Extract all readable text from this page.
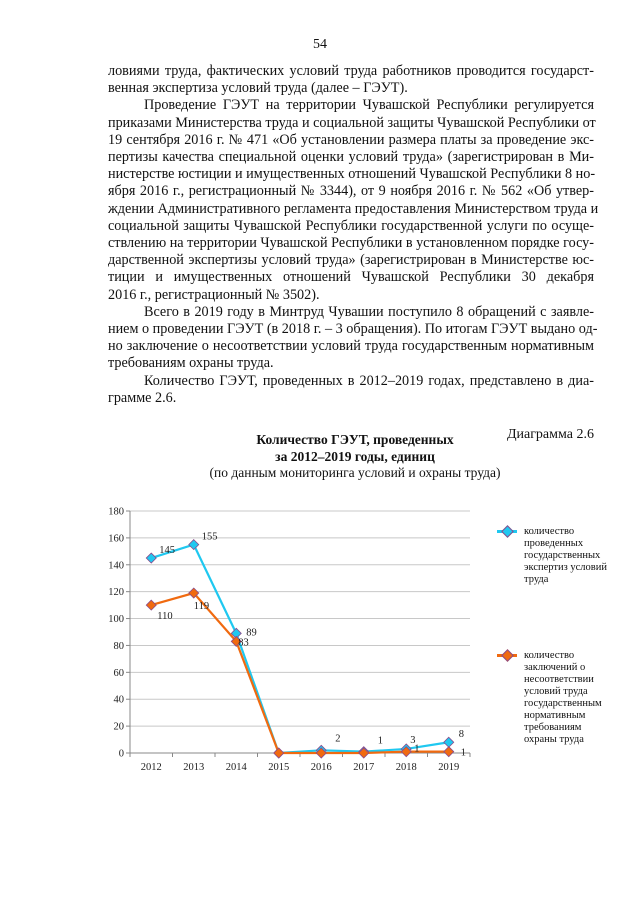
54
ловиями труда, фактических условий труда работников проводится государст-
венная экспертиза условий труда (далее – ГЭУТ).
Проведение ГЭУТ на территории Чувашской Республики регулируется
приказами Министерства труда и социальной защиты Чувашской Республики от
19 сентября 2016 г. № 471 «Об установлении размера платы за проведение экс-
пертизы качества специальной оценки условий труда» (зарегистрирован в Ми-
нистерстве юстиции и имущественных отношений Чувашской Республики 8 но-
ября 2016 г., регистрационный № 3344), от 9 ноября 2016 г. № 562 «Об утвер-
ждении Административного регламента предоставления Министерством труда и
социальной защиты Чувашской Республики государственной услуги по осуще-
ствлению на территории Чувашской Республики в установленном порядке госу-
дарственной экспертизы условий труда» (зарегистрирован в Министерстве юс-
тиции и имущественных отношений Чувашской Республики 30 декабря
2016 г., регистрационный № 3502).
Всего в 2019 году в Минтруд Чувашии поступило 8 обращений с заявле-
нием о проведении ГЭУТ (в 2018 г. – 3 обращения). По итогам ГЭУТ выдано од-
но заключение о несоответствии условий труда государственным нормативным
требованиям охраны труда.
Количество ГЭУТ, проведенных в 2012–2019 годах, представлено в диа-
грамме 2.6.
Диаграмма 2.6
Количество ГЭУТ, проведенных
за 2012–2019 годы, единиц
(по данным мониторинга условий и охраны труда)
0
20
40
60
80
100
120
140
160
180
2012 2013 2014 2015 2016 2017 2018 2019
145
155
89
2	1	3
8
110
119
83
1	1
количество проведенных государственных экспертиз условий труда
количество заключений о несоответствии условий труда государственным нормативным требованиям охраны труда
